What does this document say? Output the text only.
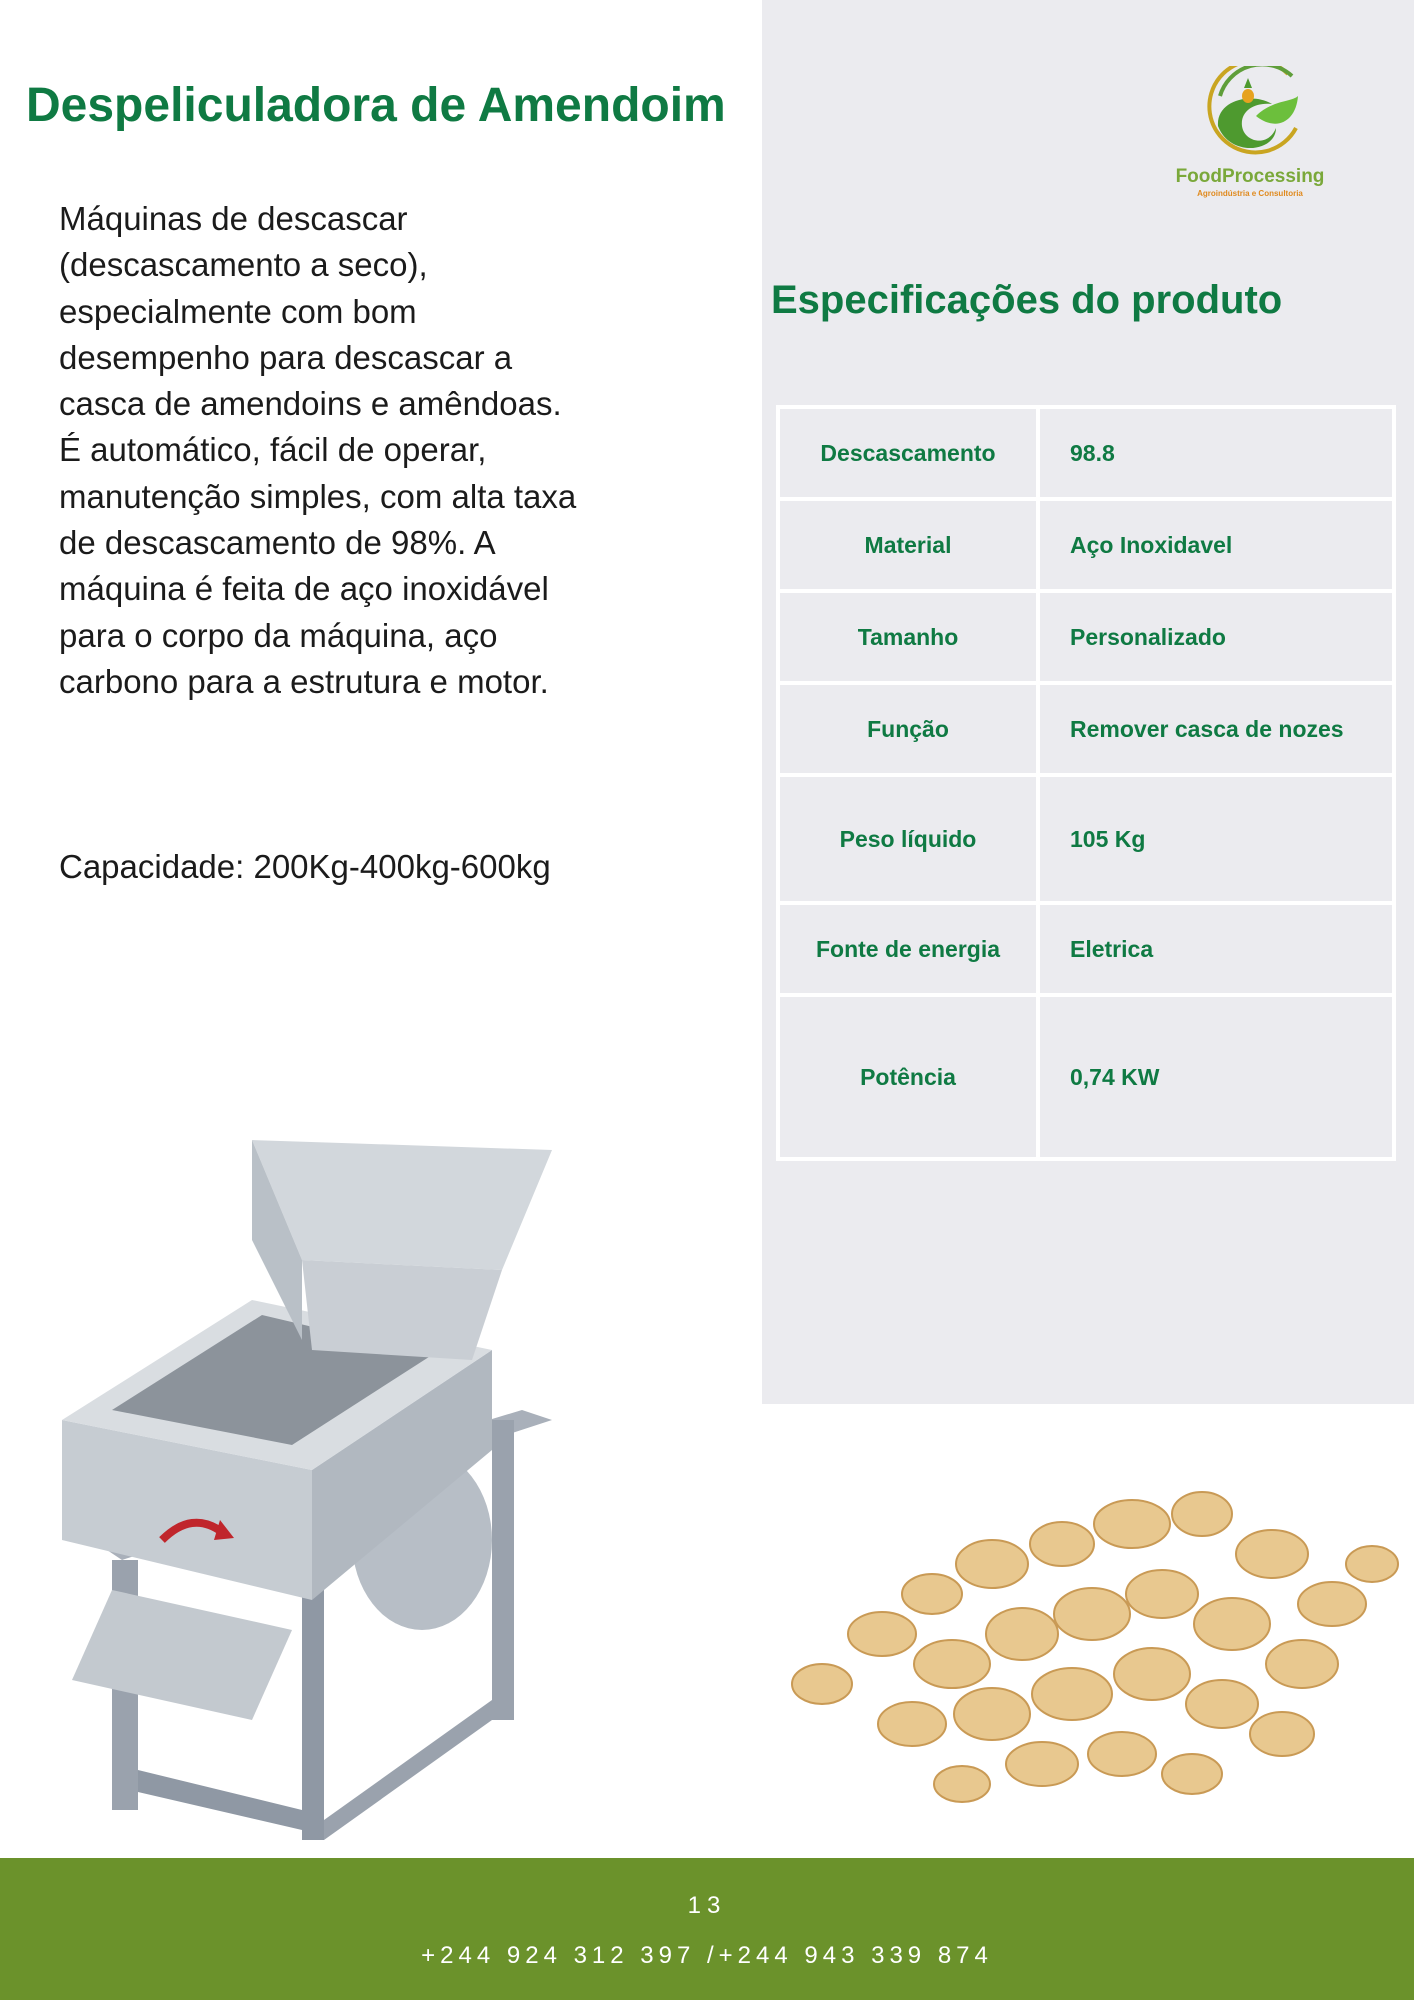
Despeliculadora de Amendoim

Máquinas de descascar (descascamento a seco), especialmente com bom desempenho para descascar a casca de amendoins e amêndoas. É automático, fácil de operar, manutenção simples, com alta taxa de descascamento de 98%. A máquina é feita de aço inoxidável para o corpo da máquina, aço carbono para a estrutura e motor.

Capacidade: 200Kg-400kg-600kg

FoodProcessing
Agroindústria e Consultoria
Especificações do produto
Descascamento	98.8
Material	Aço Inoxidavel
Tamanho	Personalizado
Função	Remover casca de nozes
Peso líquido	105 Kg
Fonte de energia	Eletrica
Potência	0,74 KW
13
+244 924 312 397 /+244 943 339 874
